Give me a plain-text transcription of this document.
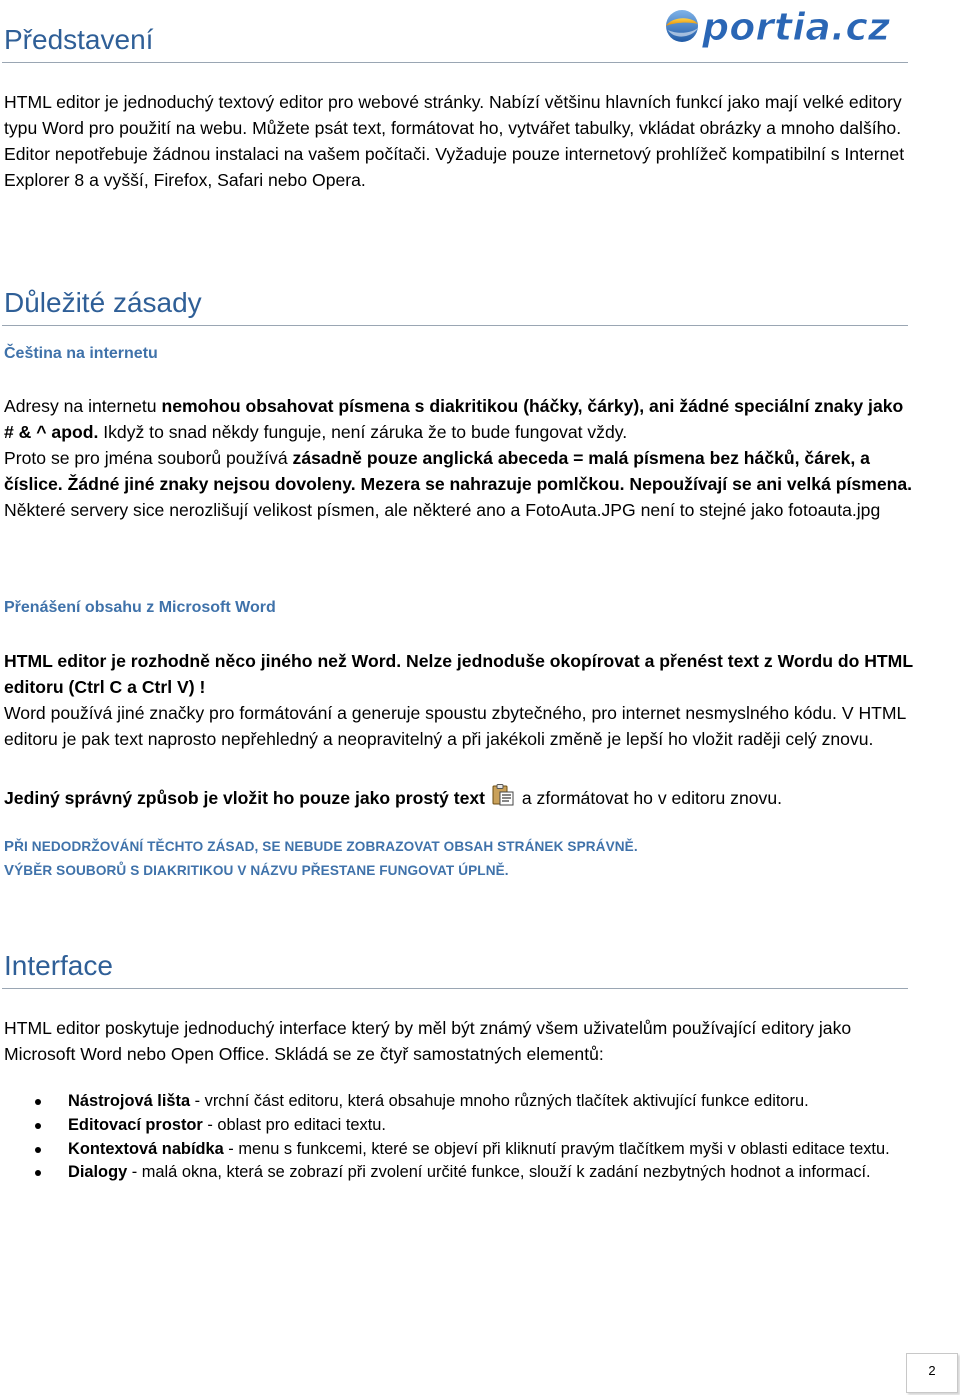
portia.cz
Představení

HTML editor je jednoduchý textový editor pro webové stránky. Nabízí většinu hlavních funkcí jako mají velké editory typu Word pro použití na webu. Můžete psát text, formátovat ho, vytvářet tabulky, vkládat obrázky a mnoho dalšího. Editor nepotřebuje žádnou instalaci na vašem počítači. Vyžaduje pouze internetový prohlížeč kompatibilní s Internet Explorer 8 a vyšší, Firefox, Safari nebo Opera.

Důležité zásady
Čeština na internetu

Adresy na internetu nemohou obsahovat písmena s diakritikou (háčky, čárky), ani žádné speciální znaky jako # & ^ apod. Ikdyž to snad někdy funguje, není záruka že to bude fungovat vždy.

Proto se pro jména souborů používá zásadně pouze anglická abeceda = malá písmena bez háčků, čárek, a číslice. Žádné jiné znaky nejsou dovoleny. Mezera se nahrazuje pomlčkou. Nepoužívají se ani velká písmena. Některé servery sice nerozlišují velikost písmen, ale některé ano a FotoAuta.JPG není to stejné jako fotoauta.jpg

Přenášení obsahu z Microsoft Word

HTML editor je rozhodně něco jiného než Word. Nelze jednoduše okopírovat a přenést text z Wordu do HTML editoru (Ctrl C a Ctrl V) !

Word používá jiné značky pro formátování a generuje spoustu zbytečného, pro internet nesmyslného kódu. V HTML editoru je pak text naprosto nepřehledný a neopravitelný a při jakékoli změně je lepší ho vložit raději celý znovu.

Jediný správný způsob je vložit ho pouze jako prostý text a zformátovat ho v editoru znovu.

PŘI NEDODRŽOVÁNÍ TĚCHTO ZÁSAD, SE NEBUDE ZOBRAZOVAT OBSAH STRÁNEK SPRÁVNĚ.

VÝBĚR SOUBORŮ S DIAKRITIKOU V NÁZVU PŘESTANE FUNGOVAT ÚPLNĚ.

Interface

HTML editor poskytuje jednoduchý interface který by měl být známý všem uživatelům používající editory jako Microsoft Word nebo Open Office. Skládá se ze čtyř samostatných elementů:

Nástrojová lišta - vrchní část editoru, která obsahuje mnoho různých tlačítek aktivující funkce editoru.
Editovací prostor - oblast pro editaci textu.
Kontextová nabídka - menu s funkcemi, které se objeví při kliknutí pravým tlačítkem myši v oblasti editace textu.
Dialogy - malá okna, která se zobrazí při zvolení určité funkce, slouží k zadání nezbytných hodnot a informací.
2
